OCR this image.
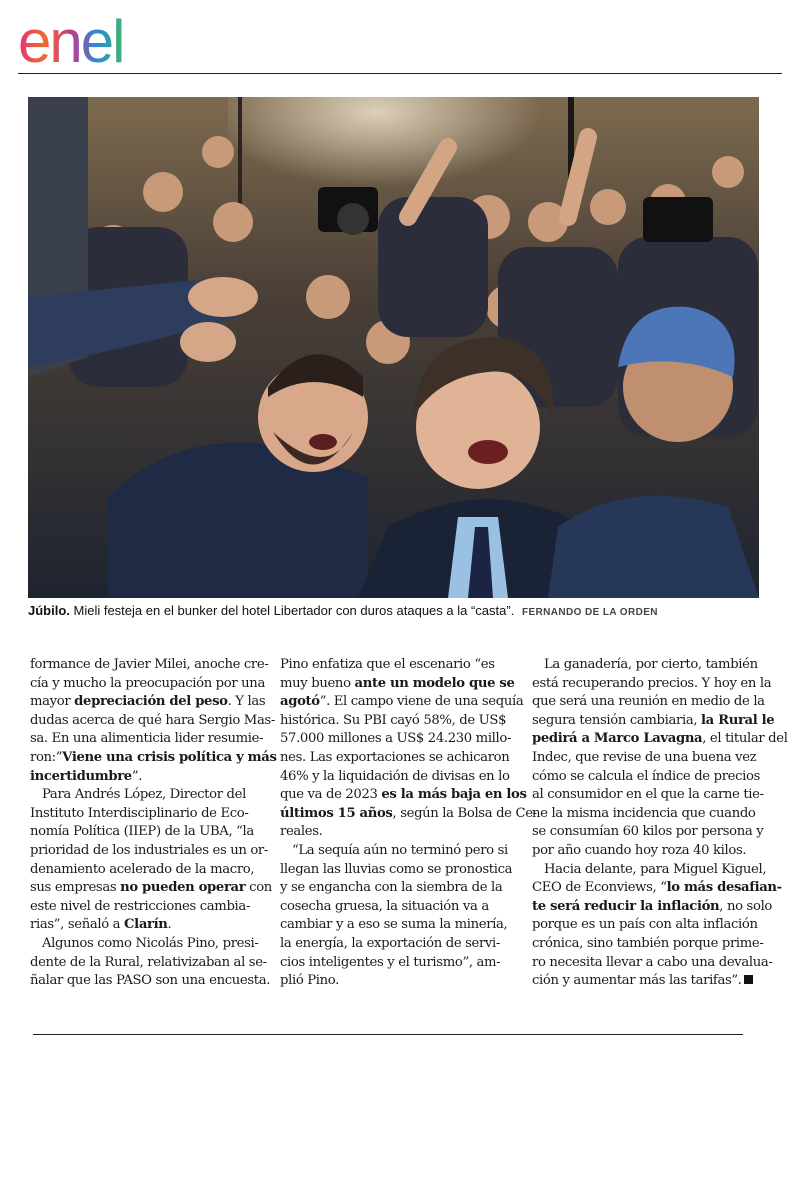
enel
Júbilo. Mieli festeja en el bunker del hotel Libertador con duros ataques a la “casta”. FERNANDO DE LA ORDEN

formance de Javier Milei, anoche cre-
cía y mucho la preocupación por una
mayor depreciación del peso. Y las
dudas acerca de qué hara Sergio Mas-
sa. En una alimenticia lider resumie-
ron:”Viene una crisis política y más
incertidumbre”.

Para Andrés López, Director del
Instituto Interdisciplinario de Eco-
nomía Política (IIEP) de la UBA, “la
prioridad de los industriales es un or-
denamiento acelerado de la macro,
sus empresas no pueden operar con
este nivel de restricciones cambia-
rias”, señaló a Clarín.

Algunos como Nicolás Pino, presi-
dente de la Rural, relativizaban al se-
ñalar que las PASO son una encuesta.

Pino enfatiza que el escenario “es
muy bueno ante un modelo que se
agotó”. El campo viene de una sequía
histórica. Su PBI cayó 58%, de US$
57.000 millones a US$ 24.230 millo-
nes. Las exportaciones se achicaron
46% y la liquidación de divisas en lo
que va de 2023 es la más baja en los
últimos 15 años, según la Bolsa de Ce-
reales.

“La sequía aún no terminó pero si
llegan las lluvias como se pronostica
y se engancha con la siembra de la
cosecha gruesa, la situación va a
cambiar y a eso se suma la minería,
la energía, la exportación de servi-
cios inteligentes y el turismo”, am-
plió Pino.

La ganadería, por cierto, también
está recuperando precios. Y hoy en la
que será una reunión en medio de la
segura tensión cambiaria, la Rural le
pedirá a Marco Lavagna, el titular del
Indec, que revise de una buena vez
cómo se calcula el índice de precios
al consumidor en el que la carne tie-
ne la misma incidencia que cuando
se consumían 60 kilos por persona y
por año cuando hoy roza 40 kilos.

Hacia delante, para Miguel Kiguel,
CEO de Econviews, “lo más desafian-
te será reducir la inflación, no solo
porque es un país con alta inflación
crónica, sino también porque prime-
ro necesita llevar a cabo una devalua-
ción y aumentar más las tarifas”.
